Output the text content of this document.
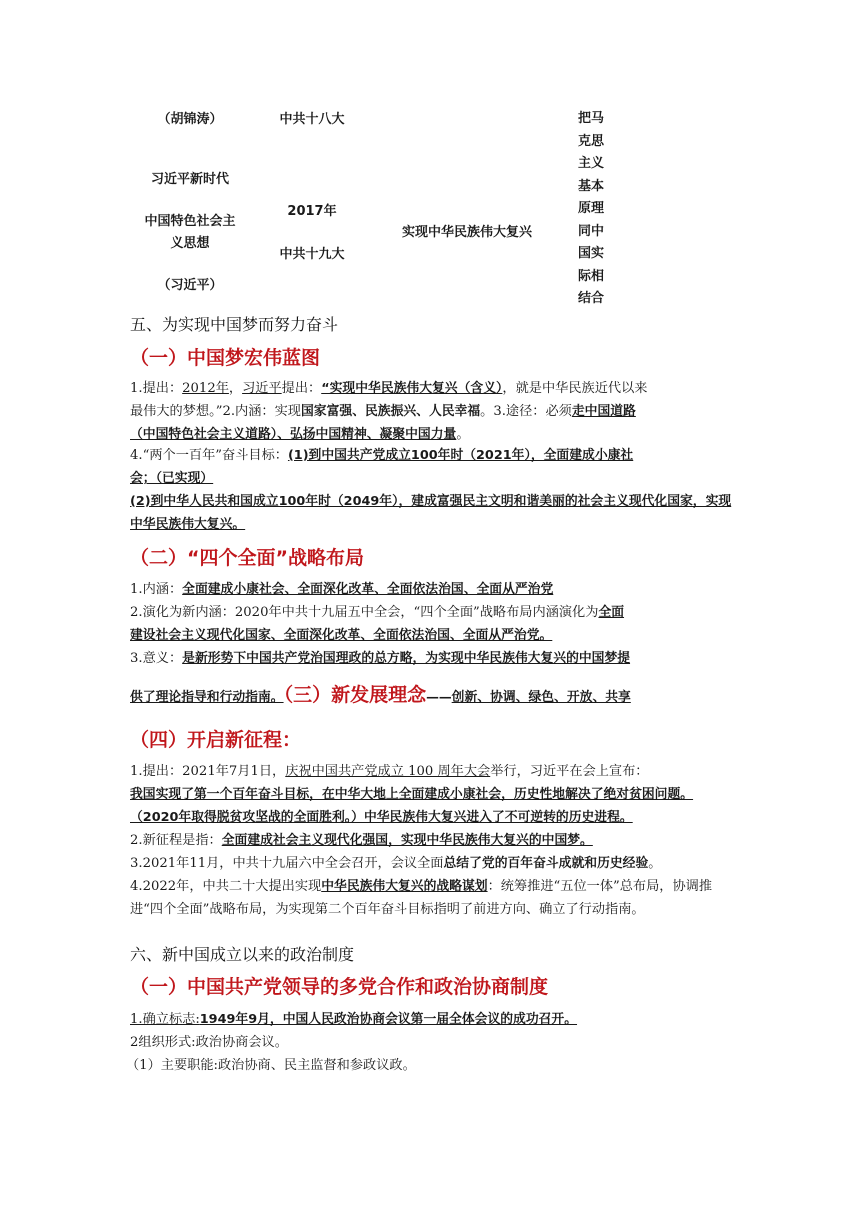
（胡锦涛）	中共十八大
习近平新时代
中国特色社会主
义思想
（习近平）
2017年
中共十九大
实现中华民族伟大复兴
把马
克思
主义
基本
原理
同中
国实
际相
结合
五、为实现中国梦而努力奋斗
（一）中国梦宏伟蓝图
1.提出：2012年，习近平提出：“实现中华民族伟大复兴（含义），就是中华民族近代以来
最伟大的梦想。”2.内涵：实现国家富强、民族振兴、人民幸福。3.途径：必须走中国道路
（中国特色社会主义道路）、弘扬中国精神、凝聚中国力量。
4.“两个一百年”奋斗目标：(1)到中国共产党成立100年时（2021年），全面建成小康社
会；（已实现）
(2)到中华人民共和国成立100年时（2049年），建成富强民主文明和谐美丽的社会主义现代化国家，实现中华民族伟大复兴。
（二）“四个全面”战略布局
1.内涵：全面建成小康社会、全面深化改革、全面依法治国、全面从严治党
2.演化为新内涵：2020年中共十九届五中全会，“四个全面”战略布局内涵演化为全面
建设社会主义现代化国家、全面深化改革、全面依法治国、全面从严治党。
3.意义：是新形势下中国共产党治国理政的总方略，为实现中华民族伟大复兴的中国梦提
供了理论指导和行动指南。（三）新发展理念——创新、协调、绿色、开放、共享
（四）开启新征程：
1.提出：2021年7月1日，庆祝中国共产党成立 100 周年大会举行，习近平在会上宣布：
我国实现了第一个百年奋斗目标，在中华大地上全面建成小康社会，历史性地解决了绝对贫困问题。
（2020年取得脱贫攻坚战的全面胜利。）中华民族伟大复兴进入了不可逆转的历史进程。
2.新征程是指：全面建成社会主义现代化强国，实现中华民族伟大复兴的中国梦。
3.2021年11月，中共十九届六中全会召开，会议全面总结了党的百年奋斗成就和历史经验。
4.2022年，中共二十大提出实现中华民族伟大复兴的战略谋划：统筹推进“五位一体”总布局，协调推进“四个全面”战略布局，为实现第二个百年奋斗目标指明了前进方向、确立了行动指南。
六、新中国成立以来的政治制度
（一）中国共产党领导的多党合作和政治协商制度
1.确立标志:1949年9月，中国人民政治协商会议第一届全体会议的成功召开。
2组织形式:政治协商会议。
（1）主要职能:政治协商、民主监督和参政议政。
